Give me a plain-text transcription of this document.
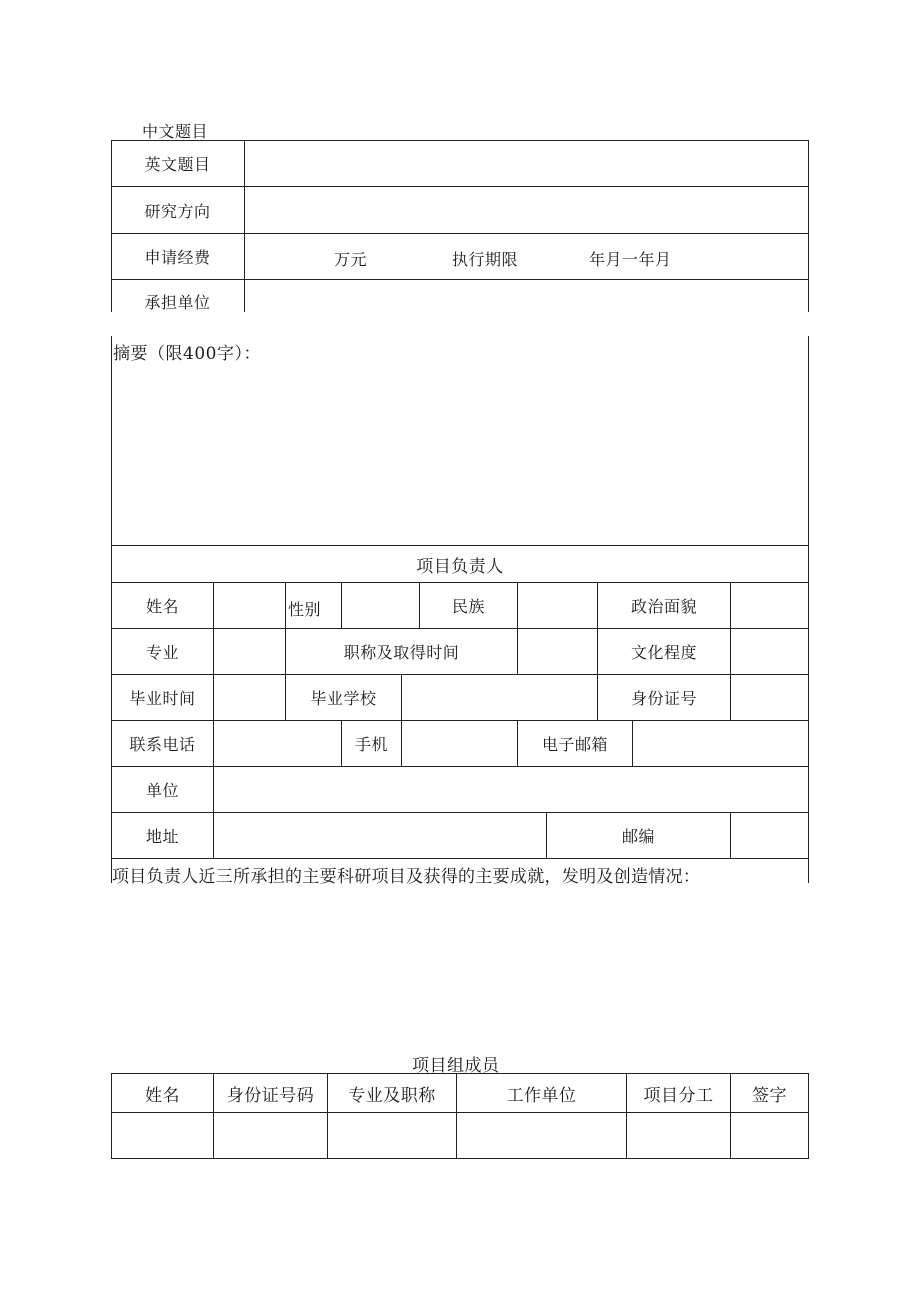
中文题目
英文题目
研究方向
申请经费	万元	执行期限	年月一年月
承担单位
摘要（限400字）：
项目负责人
姓名	性别	民族	政治面貌
专业	职称及取得时间	文化程度
毕业时间	毕业学校	身份证号
联系电话	手机	电子邮箱
单位
地址	邮编
项目负责人近三所承担的主要科研项目及获得的主要成就，发明及创造情况：
项目组成员
姓名	身份证号码	专业及职称	工作单位	项目分工	签字
